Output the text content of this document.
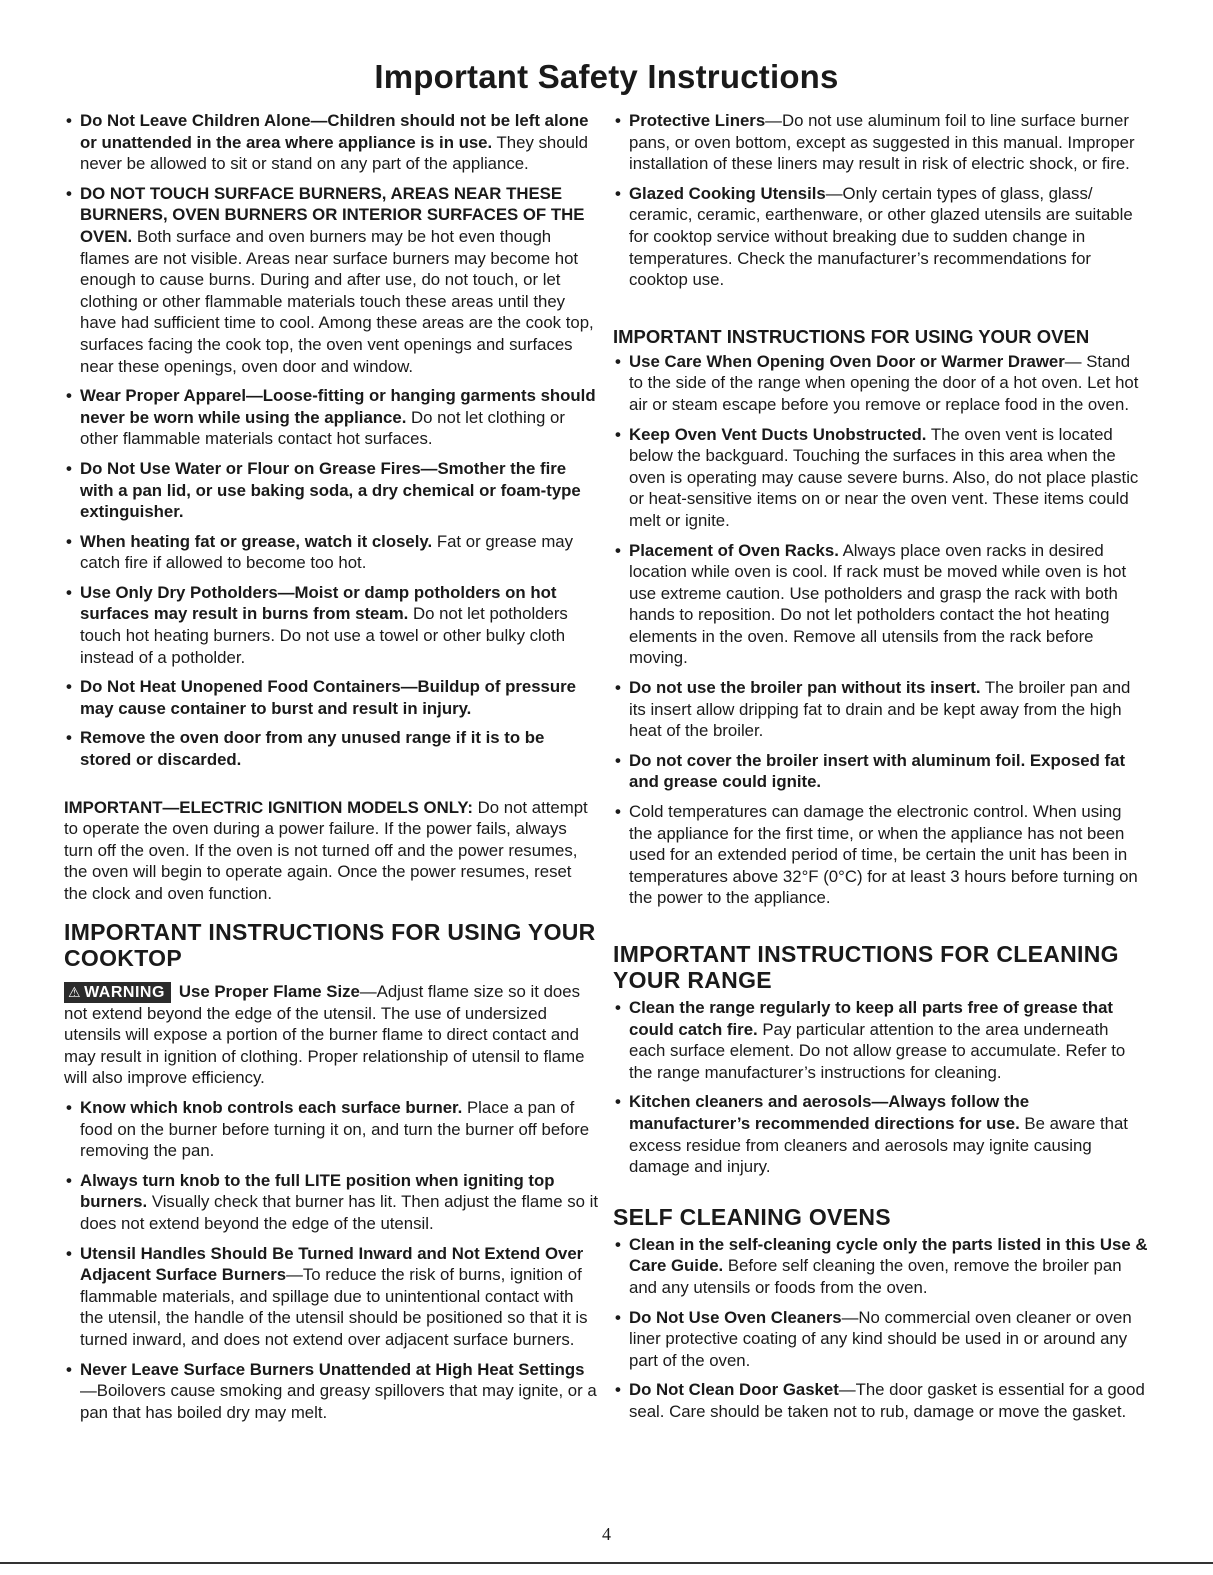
Important Safety Instructions
• Do Not Leave Children Alone—Children should not be left alone or unattended in the area where appliance is in use. They should never be allowed to sit or stand on any part of the appliance.
• DO NOT TOUCH SURFACE BURNERS, AREAS NEAR THESE BURNERS, OVEN BURNERS OR INTERIOR SURFACES OF THE OVEN. Both surface and oven burners may be hot even though flames are not visible. Areas near surface burners may become hot enough to cause burns. During and after use, do not touch, or let clothing or other flammable materials touch these areas until they have had sufficient time to cool. Among these areas are the cook top, surfaces facing the cook top, the oven vent openings and surfaces near these openings, oven door and window.
• Wear Proper Apparel—Loose-fitting or hanging garments should never be worn while using the appliance. Do not let clothing or other flammable materials contact hot surfaces.
• Do Not Use Water or Flour on Grease Fires—Smother the fire with a pan lid, or use baking soda, a dry chemical or foam-type extinguisher.
• When heating fat or grease, watch it closely. Fat or grease may catch fire if allowed to become too hot.
• Use Only Dry Potholders—Moist or damp potholders on hot surfaces may result in burns from steam. Do not let potholders touch hot heating burners. Do not use a towel or other bulky cloth instead of a potholder.
• Do Not Heat Unopened Food Containers—Buildup of pressure may cause container to burst and result in injury.
• Remove the oven door from any unused range if it is to be stored or discarded.
IMPORTANT—ELECTRIC IGNITION MODELS ONLY: Do not attempt to operate the oven during a power failure. If the power fails, always turn off the oven. If the oven is not turned off and the power resumes, the oven will begin to operate again. Once the power resumes, reset the clock and oven function.
IMPORTANT INSTRUCTIONS FOR USING YOUR COOKTOP
⚠ WARNING Use Proper Flame Size—Adjust flame size so it does not extend beyond the edge of the utensil. The use of undersized utensils will expose a portion of the burner flame to direct contact and may result in ignition of clothing. Proper relationship of utensil to flame will also improve efficiency.
• Know which knob controls each surface burner. Place a pan of food on the burner before turning it on, and turn the burner off before removing the pan.
• Always turn knob to the full LITE position when igniting top burners. Visually check that burner has lit. Then adjust the flame so it does not extend beyond the edge of the utensil.
• Utensil Handles Should Be Turned Inward and Not Extend Over Adjacent Surface Burners—To reduce the risk of burns, ignition of flammable materials, and spillage due to unintentional contact with the utensil, the handle of the utensil should be positioned so that it is turned inward, and does not extend over adjacent surface burners.
• Never Leave Surface Burners Unattended at High Heat Settings—Boilovers cause smoking and greasy spillovers that may ignite, or a pan that has boiled dry may melt.
• Protective Liners—Do not use aluminum foil to line surface burner pans, or oven bottom, except as suggested in this manual. Improper installation of these liners may result in risk of electric shock, or fire.
• Glazed Cooking Utensils—Only certain types of glass, glass/ ceramic, ceramic, earthenware, or other glazed utensils are suitable for cooktop service without breaking due to sudden change in temperatures. Check the manufacturer’s recommendations for cooktop use.
IMPORTANT INSTRUCTIONS FOR USING YOUR OVEN
• Use Care When Opening Oven Door or Warmer Drawer— Stand to the side of the range when opening the door of a hot oven. Let hot air or steam escape before you remove or replace food in the oven.
• Keep Oven Vent Ducts Unobstructed. The oven vent is located below the backguard. Touching the surfaces in this area when the oven is operating may cause severe burns. Also, do not place plastic or heat-sensitive items on or near the oven vent. These items could melt or ignite.
• Placement of Oven Racks. Always place oven racks in desired location while oven is cool. If rack must be moved while oven is hot use extreme caution. Use potholders and grasp the rack with both hands to reposition. Do not let potholders contact the hot heating elements in the oven. Remove all utensils from the rack before moving.
• Do not use the broiler pan without its insert. The broiler pan and its insert allow dripping fat to drain and be kept away from the high heat of the broiler.
• Do not cover the broiler insert with aluminum foil. Exposed fat and grease could ignite.
• Cold temperatures can damage the electronic control. When using the appliance for the first time, or when the appliance has not been used for an extended period of time, be certain the unit has been in temperatures above 32°F (0°C) for at least 3 hours before turning on the power to the appliance.
IMPORTANT INSTRUCTIONS FOR CLEANING YOUR RANGE
• Clean the range regularly to keep all parts free of grease that could catch fire. Pay particular attention to the area underneath each surface element. Do not allow grease to accumulate. Refer to the range manufacturer’s instructions for cleaning.
• Kitchen cleaners and aerosols—Always follow the manufacturer’s recommended directions for use. Be aware that excess residue from cleaners and aerosols may ignite causing damage and injury.
SELF CLEANING OVENS
• Clean in the self-cleaning cycle only the parts listed in this Use & Care Guide. Before self cleaning the oven, remove the broiler pan and any utensils or foods from the oven.
• Do Not Use Oven Cleaners—No commercial oven cleaner or oven liner protective coating of any kind should be used in or around any part of the oven.
• Do Not Clean Door Gasket—The door gasket is essential for a good seal. Care should be taken not to rub, damage or move the gasket.
4
